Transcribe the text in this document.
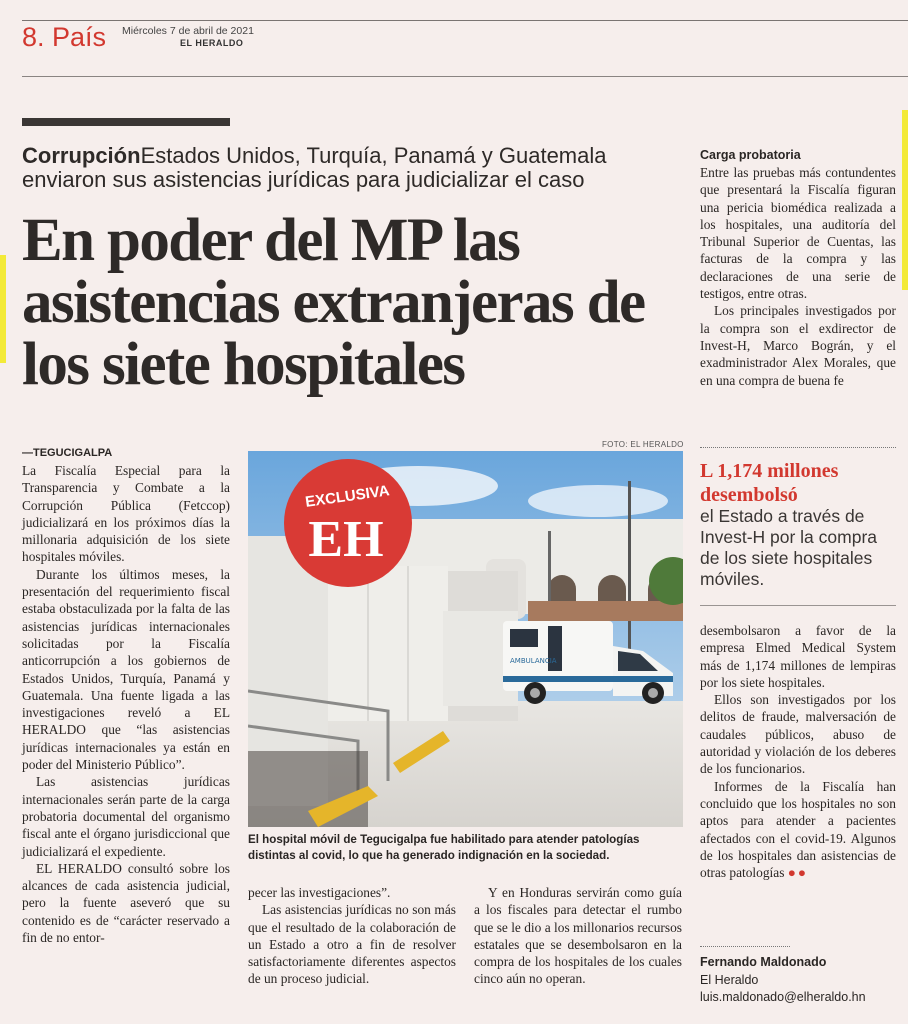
8. País Miércoles 7 de abril de 2021
EL HERALDO
CorrupciónEstados Unidos, Turquía, Panamá y Guatemala enviaron sus asistencias jurídicas para judicializar el caso
En poder del MP las asistencias extranjeras de los siete hospitales
—TEGUCIGALPA

La Fiscalía Especial para la Transparencia y Combate a la Corrupción Pública (Fetccop) judicializará en los próximos días la millonaria adquisición de los siete hospitales móviles.

Durante los últimos meses, la presentación del requerimiento fiscal estaba obstaculizada por la falta de las asistencias jurídicas internacionales solicitadas por la Fiscalía anticorrupción a los gobiernos de Estados Unidos, Turquía, Panamá y Guatemala. Una fuente ligada a las investigaciones reveló a EL HERALDO que “las asistencias jurídicas internacionales ya están en poder del Ministerio Público”.

Las asistencias jurídicas internacionales serán parte de la carga probatoria documental del organismo fiscal ante el órgano jurisdiccional que judicializará el expediente.

EL HERALDO consultó sobre los alcances de cada asistencia judicial, pero la fuente aseveró que su contenido es de “carácter reservado a fin de no entor-

FOTO: EL HERALDO
AMBULANCIA
EXCLUSIVA
EH
El hospital móvil de Tegucigalpa fue habilitado para atender patologías distintas al covid, lo que ha generado indignación en la sociedad.

pecer las investigaciones”.

Las asistencias jurídicas no son más que el resultado de la colaboración de un Estado a otro a fin de resolver satisfactoriamente diferentes aspectos de un proceso judicial.

Y en Honduras servirán como guía a los fiscales para detectar el rumbo que se le dio a los millonarios recursos estatales que se desembolsaron en la compra de los hospitales de los cuales cinco aún no operan.

Carga probatoria

Entre las pruebas más contundentes que presentará la Fiscalía figuran una pericia biomédica realizada a los hospitales, una auditoría del Tribunal Superior de Cuentas, las facturas de la compra y las declaraciones de una serie de testigos, entre otras.

Los principales investigados por la compra son el exdirector de Invest-H, Marco Bográn, y el exadministrador Alex Morales, que en una compra de buena fe

L 1,174 millones desembolsó
el Estado a través de Invest-H por la compra de los siete hospitales móviles.

desembolsaron a favor de la empresa Elmed Medical System más de 1,174 millones de lempiras por los siete hospitales.

Ellos son investigados por los delitos de fraude, malversación de caudales públicos, abuso de autoridad y violación de los deberes de los funcionarios.

Informes de la Fiscalía han concluido que los hospitales no son aptos para atender a pacientes afectados con el covid-19. Algunos de los hospitales dan asistencias de otras patologías ●●

Fernando Maldonado
El Heraldo
luis.maldonado@elheraldo.hn
